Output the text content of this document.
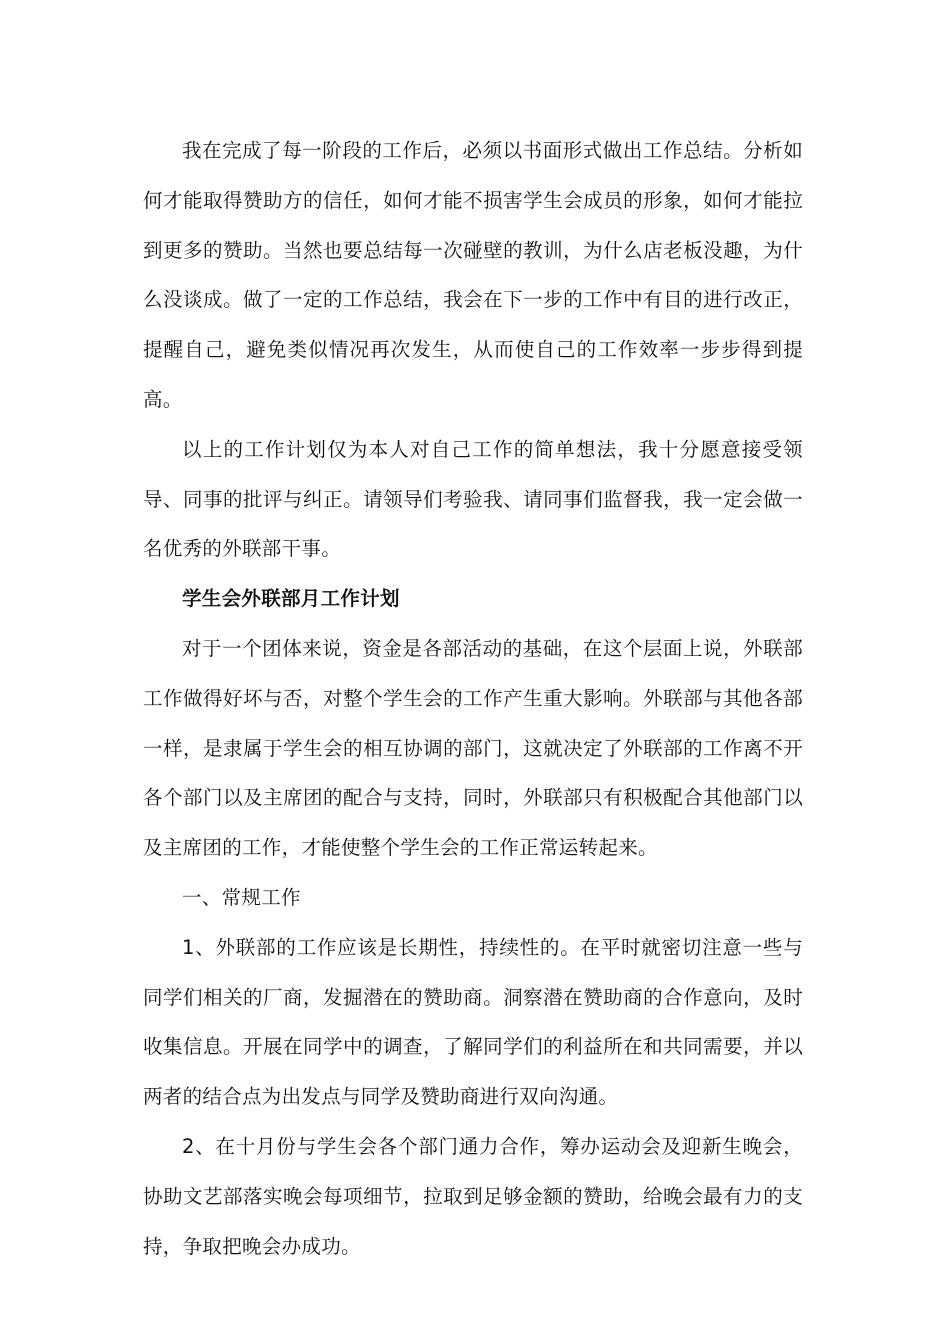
我在完成了每一阶段的工作后，必须以书面形式做出工作总结。分析如何才能取得赞助方的信任，如何才能不损害学生会成员的形象，如何才能拉到更多的赞助。当然也要总结每一次碰壁的教训，为什么店老板没趣，为什么没谈成。做了一定的工作总结，我会在下一步的工作中有目的进行改正，提醒自己，避免类似情况再次发生，从而使自己的工作效率一步步得到提高。

以上的工作计划仅为本人对自己工作的简单想法，我十分愿意接受领导、同事的批评与纠正。请领导们考验我、请同事们监督我，我一定会做一名优秀的外联部干事。

学生会外联部月工作计划

对于一个团体来说，资金是各部活动的基础，在这个层面上说，外联部工作做得好坏与否，对整个学生会的工作产生重大影响。外联部与其他各部一样，是隶属于学生会的相互协调的部门，这就决定了外联部的工作离不开各个部门以及主席团的配合与支持，同时，外联部只有积极配合其他部门以及主席团的工作，才能使整个学生会的工作正常运转起来。

一、常规工作

1、外联部的工作应该是长期性，持续性的。在平时就密切注意一些与同学们相关的厂商，发掘潜在的赞助商。洞察潜在赞助商的合作意向，及时收集信息。开展在同学中的调查，了解同学们的利益所在和共同需要，并以两者的结合点为出发点与同学及赞助商进行双向沟通。

2、在十月份与学生会各个部门通力合作，筹办运动会及迎新生晚会，协助文艺部落实晚会每项细节，拉取到足够金额的赞助，给晚会最有力的支持，争取把晚会办成功。
